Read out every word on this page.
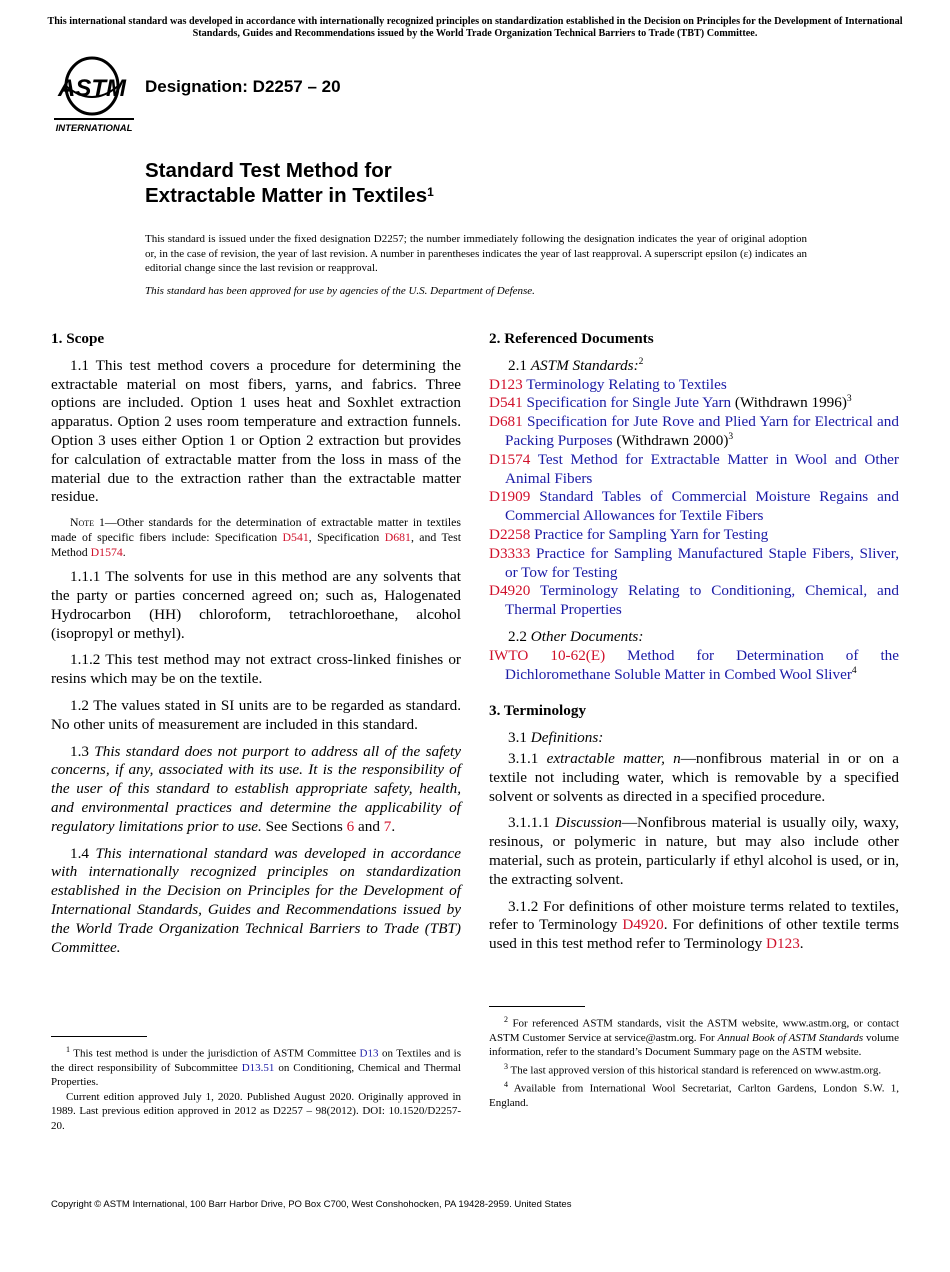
This international standard was developed in accordance with internationally recognized principles on standardization established in the Decision on Principles for the Development of International Standards, Guides and Recommendations issued by the World Trade Organization Technical Barriers to Trade (TBT) Committee.
ASTM
INTERNATIONAL
Designation: D2257 – 20
Standard Test Method for
Extractable Matter in Textiles$^1$

This standard is issued under the fixed designation D2257; the number immediately following the designation indicates the year of original adoption or, in the case of revision, the year of last revision. A number in parentheses indicates the year of last reapproval. A superscript epsilon (ε) indicates an editorial change since the last revision or reapproval.

This standard has been approved for use by agencies of the U.S. Department of Defense.

1. Scope

1.1 This test method covers a procedure for determining the extractable material on most fibers, yarns, and fabrics. Three options are included. Option 1 uses heat and Soxhlet extraction apparatus. Option 2 uses room temperature and extraction funnels. Option 3 uses either Option 1 or Option 2 extraction but provides for calculation of extractable matter from the loss in mass of the material due to the extraction rather than the extractable matter residue.

Note 1—Other standards for the determination of extractable matter in textiles made of specific fibers include: Specification D541, Specification D681, and Test Method D1574.

1.1.1 The solvents for use in this method are any solvents that the party or parties concerned agreed on; such as, Halogenated Hydrocarbon (HH) chloroform, tetrachloroethane, alcohol (isopropyl or methyl).

1.1.2 This test method may not extract cross-linked finishes or resins which may be on the textile.

1.2 The values stated in SI units are to be regarded as standard. No other units of measurement are included in this standard.

1.3 This standard does not purport to address all of the safety concerns, if any, associated with its use. It is the responsibility of the user of this standard to establish appropriate safety, health, and environmental practices and determine the applicability of regulatory limitations prior to use. See Sections 6 and 7.

1.4 This international standard was developed in accordance with internationally recognized principles on standardization established in the Decision on Principles for the Development of International Standards, Guides and Recommendations issued by the World Trade Organization Technical Barriers to Trade (TBT) Committee.

2. Referenced Documents

2.1 ASTM Standards:$^2$

D123 Terminology Relating to Textiles
D541 Specification for Single Jute Yarn (Withdrawn 1996)$^3$
D681 Specification for Jute Rove and Plied Yarn for Electrical and Packing Purposes (Withdrawn 2000)$^3$
D1574 Test Method for Extractable Matter in Wool and Other Animal Fibers
D1909 Standard Tables of Commercial Moisture Regains and Commercial Allowances for Textile Fibers
D2258 Practice for Sampling Yarn for Testing
D3333 Practice for Sampling Manufactured Staple Fibers, Sliver, or Tow for Testing
D4920 Terminology Relating to Conditioning, Chemical, and Thermal Properties

2.2 Other Documents:

IWTO 10-62(E) Method for Determination of the Dichloromethane Soluble Matter in Combed Wool Sliver$^4$
3. Terminology

3.1 Definitions:

3.1.1 extractable matter, n—nonfibrous material in or on a textile not including water, which is removable by a specified solvent or solvents as directed in a specified procedure.

3.1.1.1 Discussion—Nonfibrous material is usually oily, waxy, resinous, or polymeric in nature, but may also include other material, such as protein, particularly if ethyl alcohol is used, or in, the extracting solvent.

3.1.2 For definitions of other moisture terms related to textiles, refer to Terminology D4920. For definitions of other textile terms used in this test method refer to Terminology D123.

$^1$ This test method is under the jurisdiction of ASTM Committee D13 on Textiles and is the direct responsibility of Subcommittee D13.51 on Conditioning, Chemical and Thermal Properties.

Current edition approved July 1, 2020. Published August 2020. Originally approved in 1989. Last previous edition approved in 2012 as D2257 – 98(2012). DOI: 10.1520/D2257-20.

$^2$ For referenced ASTM standards, visit the ASTM website, www.astm.org, or contact ASTM Customer Service at service@astm.org. For Annual Book of ASTM Standards volume information, refer to the standard’s Document Summary page on the ASTM website.

$^3$ The last approved version of this historical standard is referenced on www.astm.org.

$^4$ Available from International Wool Secretariat, Carlton Gardens, London S.W. 1, England.

Copyright © ASTM International, 100 Barr Harbor Drive, PO Box C700, West Conshohocken, PA 19428-2959. United States
